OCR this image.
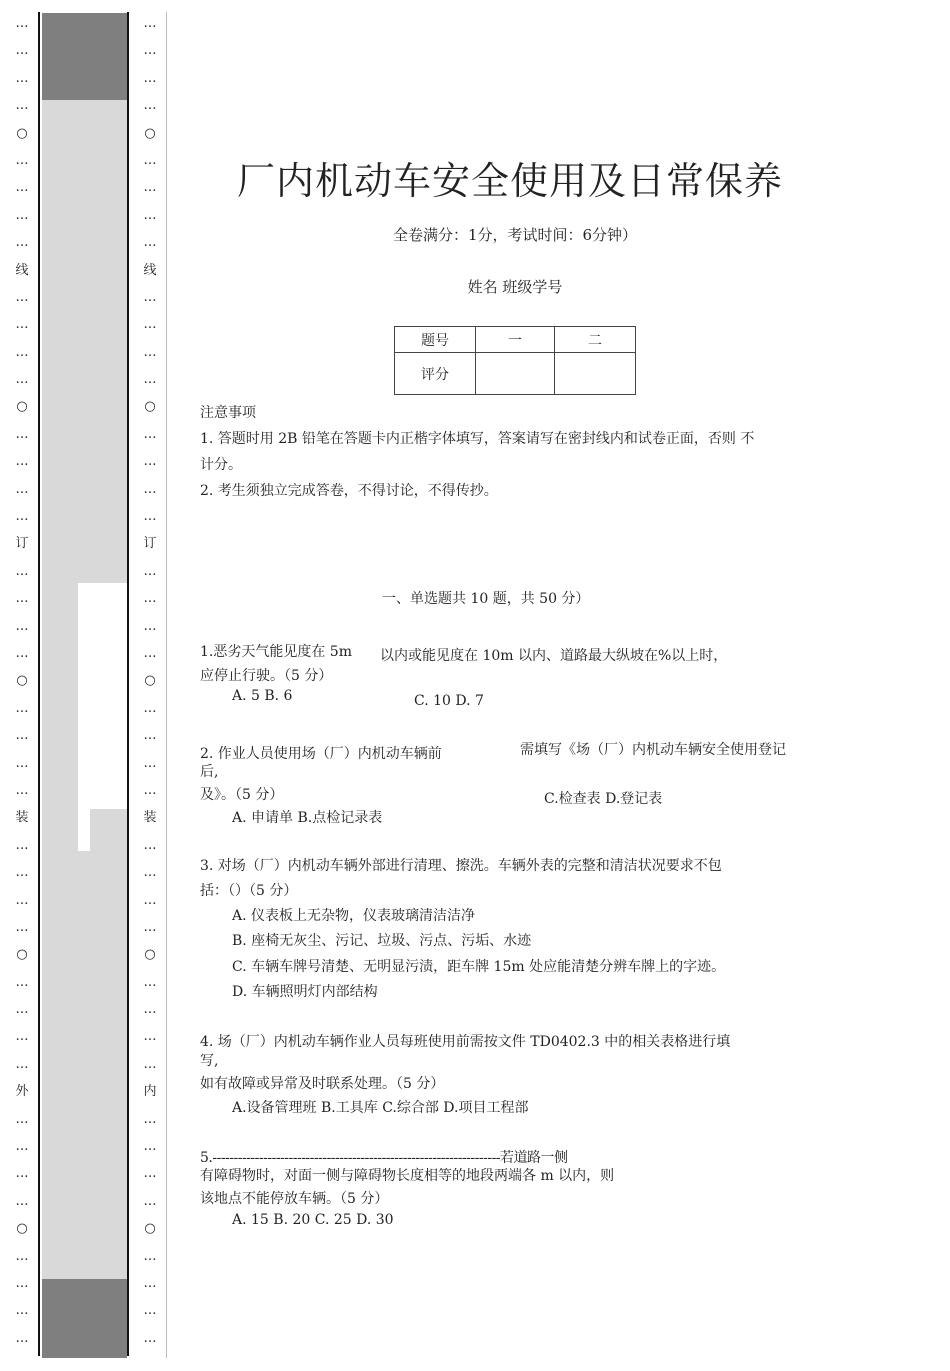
…
…
…
…
○
…
…
…
…
线
…
…
…
…
○
…
…
…
…
订
…
…
…
…
○
…
…
…
…
装
…
…
…
…
○
…
…
…
…
外
…
…
…
…
○
…
…
…
…
…
…
…
…
○
…
…
…
…
线
…
…
…
…
○
…
…
…
…
订
…
…
…
…
○
…
…
…
…
装
…
…
…
…
○
…
…
…
…
内
…
…
…
…
○
…
…
…
…
厂内机动车安全使用及日常保养
全卷满分：1分，考试时间：6分钟）
姓名 班级学号
题号	一	二
评分		
注意事项
1. 答题时用 2B 铅笔在答题卡内正楷字体填写，答案请写在密封线内和试卷正面，否则 不
计分。
2. 考生须独立完成答卷，不得讨论，不得传抄。
一、单选题共 10 题，共 50 分）
1.恶劣天气能见度在 5m 以内或能见度在 10m 以内、道路最大纵坡在%以上时，
应停止行驶。（5 分）
A. 5 B. 6	C. 10 D. 7
2. 作业人员使用场（厂）内机动车辆前	需填写《场（厂）内机动车辆安全使用登记
后,
及》。（5 分）	C.检查表 D.登记表
A. 申请单 B.点检记录表
3. 对场（厂）内机动车辆外部进行清理、擦洗。车辆外表的完整和清洁状况要求不包
括：（）（5 分）
A. 仪表板上无杂物，仪表玻璃清洁洁净
B. 座椅无灰尘、污记、垃圾、污点、污垢、水迹
C. 车辆车牌号清楚、无明显污渍，距车牌 15m 处应能清楚分辨车牌上的字迹。
D. 车辆照明灯内部结构
4. 场（厂）内机动车辆作业人员每班使用前需按文件 TD0402.3 中的相关表格进行填
写,
如有故障或异常及时联系处理。（5 分）
A.设备管理班 B.工具库 C.综合部 D.项目工程部
5.--------------------------------------------------------------------若道路一侧
有障碍物时，对面一侧与障碍物长度相等的地段两端各 m 以内，则
该地点不能停放车辆。（5 分）
A. 15 B. 20 C. 25 D. 30
